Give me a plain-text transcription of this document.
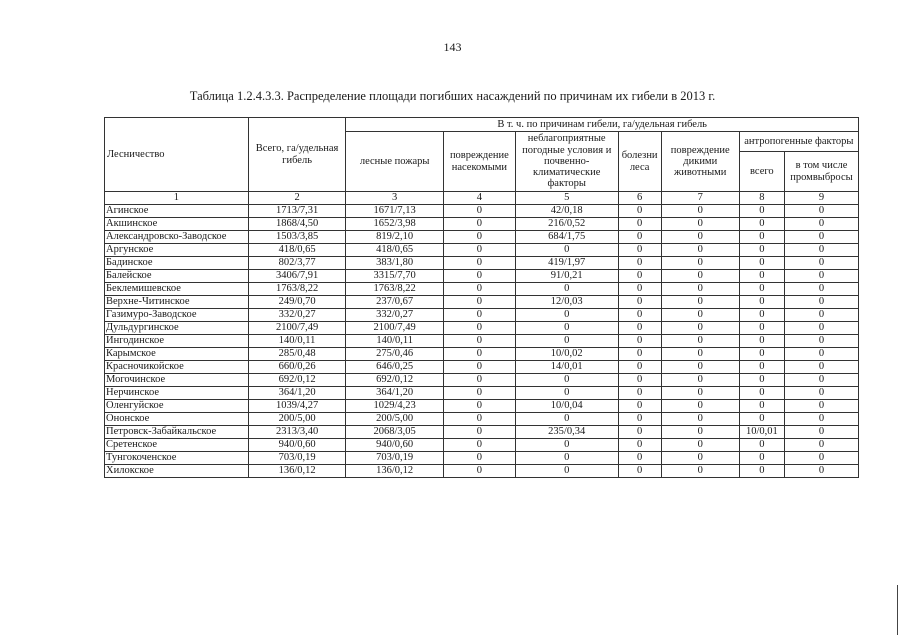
143
Таблица 1.2.4.3.3. Распределение площади погибших насаждений по причинам их гибели в 2013 г.
Лесничество	Всего, га/удельная гибель	В т. ч. по причинам гибели, га/удельная гибель						
		лесные пожары	повреждение насекомыми	неблагоприятные погодные условия и почвенно-климатические факторы	болезни леса	повреждение дикими животными	антропогенные факторы	
							всего	в том числе промвыбросы
1	2	3	4	5	6	7	8	9
Агинское	1713/7,31	1671/7,13	0	42/0,18	0	0	0	0
Акшинское	1868/4,50	1652/3,98	0	216/0,52	0	0	0	0
Александровско-Заводское	1503/3,85	819/2,10	0	684/1,75	0	0	0	0
Аргунское	418/0,65	418/0,65	0	0	0	0	0	0
Бадинское	802/3,77	383/1,80	0	419/1,97	0	0	0	0
Балейское	3406/7,91	3315/7,70	0	91/0,21	0	0	0	0
Беклемишевское	1763/8,22	1763/8,22	0	0	0	0	0	0
Верхне-Читинское	249/0,70	237/0,67	0	12/0,03	0	0	0	0
Газимуро-Заводское	332/0,27	332/0,27	0	0	0	0	0	0
Дульдургинское	2100/7,49	2100/7,49	0	0	0	0	0	0
Ингодинское	140/0,11	140/0,11	0	0	0	0	0	0
Карымское	285/0,48	275/0,46	0	10/0,02	0	0	0	0
Красночикойское	660/0,26	646/0,25	0	14/0,01	0	0	0	0
Могочинское	692/0,12	692/0,12	0	0	0	0	0	0
Нерчинское	364/1,20	364/1,20	0	0	0	0	0	0
Оленгуйское	1039/4,27	1029/4,23	0	10/0,04	0	0	0	0
Ононское	200/5,00	200/5,00	0	0	0	0	0	0
Петровск-Забайкальское	2313/3,40	2068/3,05	0	235/0,34	0	0	10/0,01	0
Сретенское	940/0,60	940/0,60	0	0	0	0	0	0
Тунгокоченское	703/0,19	703/0,19	0	0	0	0	0	0
Хилокское	136/0,12	136/0,12	0	0	0	0	0	0
